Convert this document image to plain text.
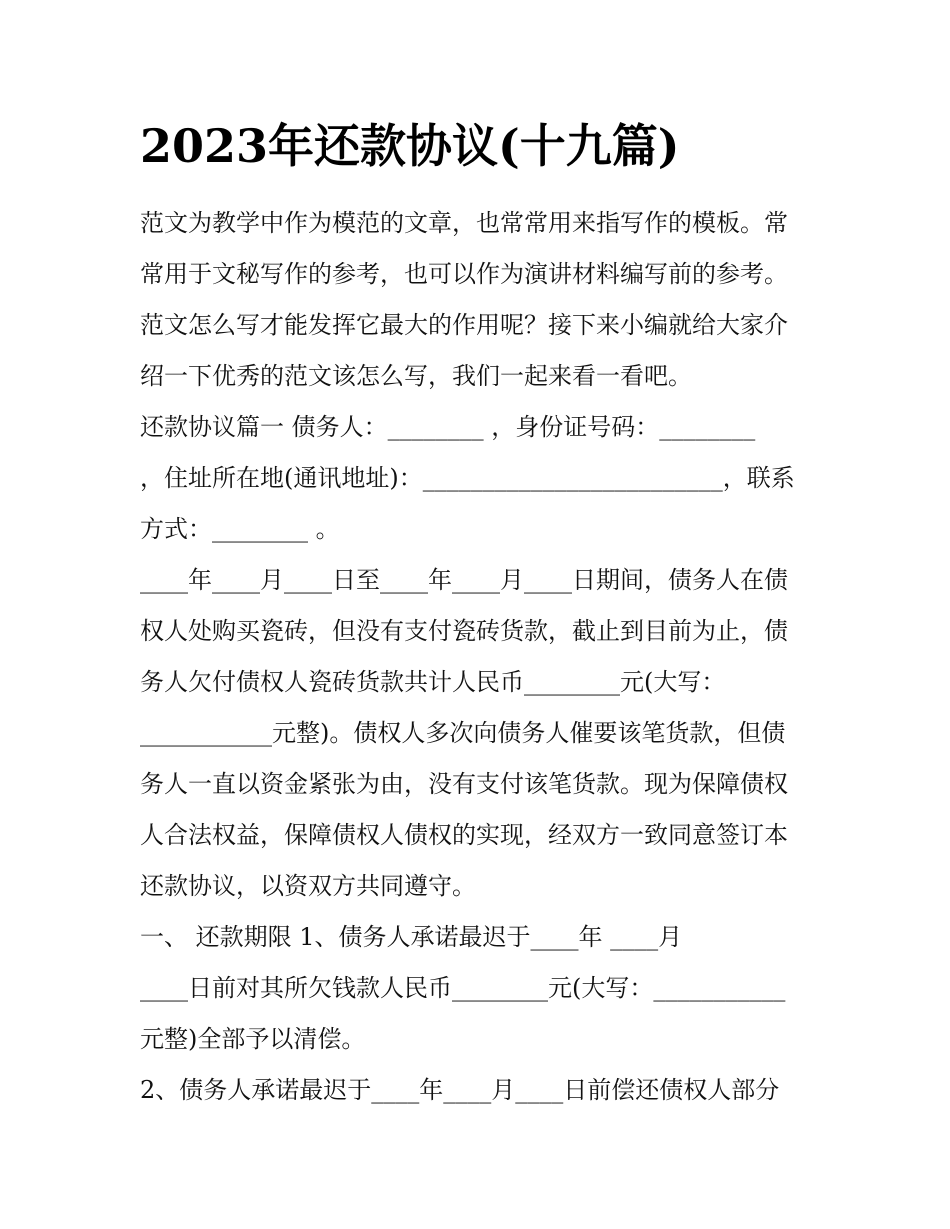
2023年还款协议(十九篇)
范文为教学中作为模范的文章，也常常用来指写作的模板。常
常用于文秘写作的参考，也可以作为演讲材料编写前的参考。
范文怎么写才能发挥它最大的作用呢？接下来小编就给大家介
绍一下优秀的范文该怎么写，我们一起来看一看吧。
还款协议篇一 债务人：________ ，身份证号码：________
，住址所在地(通讯地址)：_________________________，联系
方式：________ 。
____年____月____日至____年____月____日期间，债务人在债
权人处购买瓷砖，但没有支付瓷砖货款，截止到目前为止，债
务人欠付债权人瓷砖货款共计人民币________元(大写：
___________元整)。债权人多次向债务人催要该笔货款，但债
务人一直以资金紧张为由，没有支付该笔货款。现为保障债权
人合法权益，保障债权人债权的实现，经双方一致同意签订本
还款协议，以资双方共同遵守。
一、 还款期限 1、债务人承诺最迟于____年 ____月
____日前对其所欠钱款人民币________元(大写：___________
元整)全部予以清偿。
2、债务人承诺最迟于____年____月____日前偿还债权人部分
